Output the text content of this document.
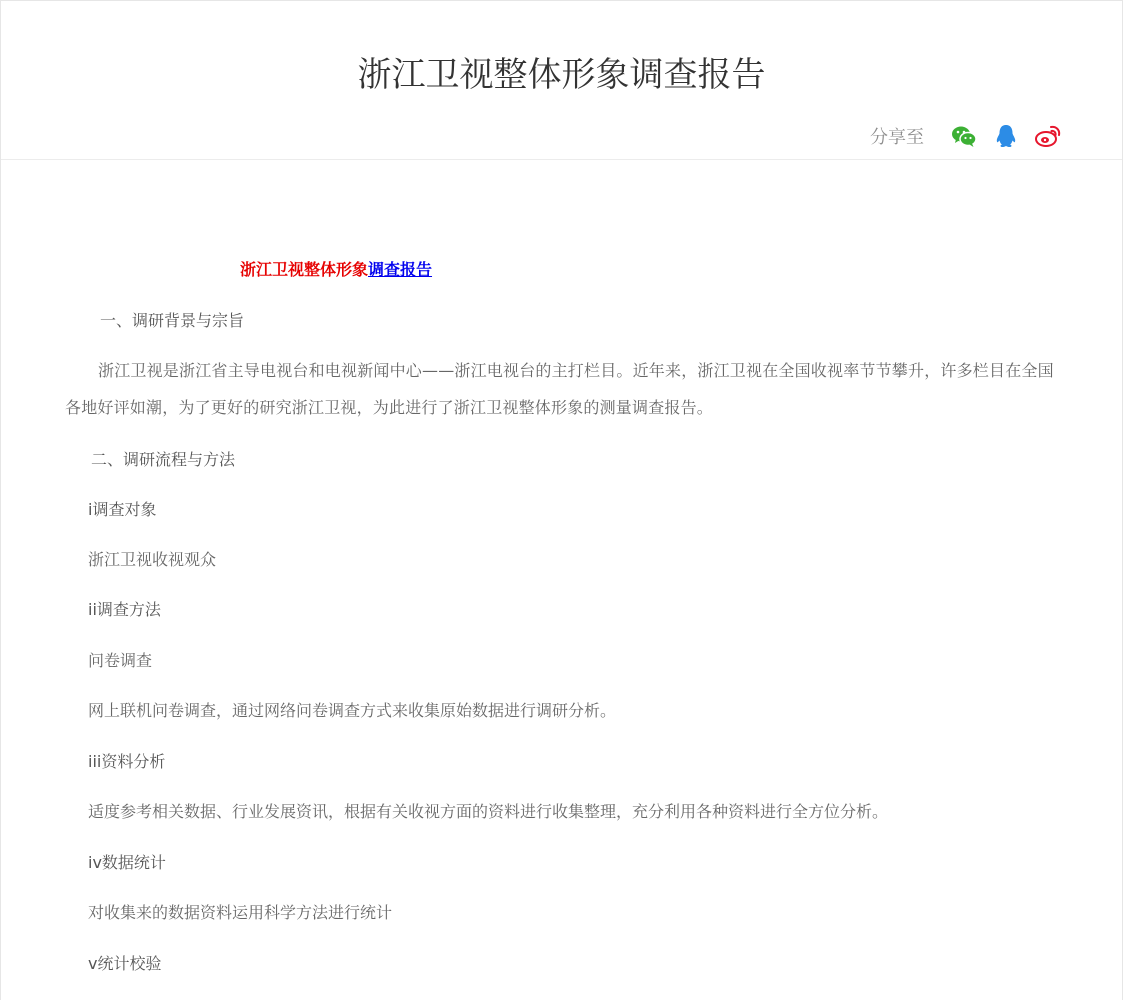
浙江卫视整体形象调查报告
分享至
浙江卫视整体形象调查报告
一、调研背景与宗旨
浙江卫视是浙江省主导电视台和电视新闻中心——浙江电视台的主打栏目。近年来，浙江卫视在全国收视率节节攀升，许多栏目在全国各地好评如潮，为了更好的研究浙江卫视，为此进行了浙江卫视整体形象的测量调查报告。
二、调研流程与方法
i调查对象
浙江卫视收视观众
ii调查方法
问卷调查
网上联机问卷调查，通过网络问卷调查方式来收集原始数据进行调研分析。
iii资料分析
适度参考相关数据、行业发展资讯，根据有关收视方面的资料进行收集整理，充分利用各种资料进行全方位分析。
iv数据统计
对收集来的数据资料运用科学方法进行统计
v统计校验
